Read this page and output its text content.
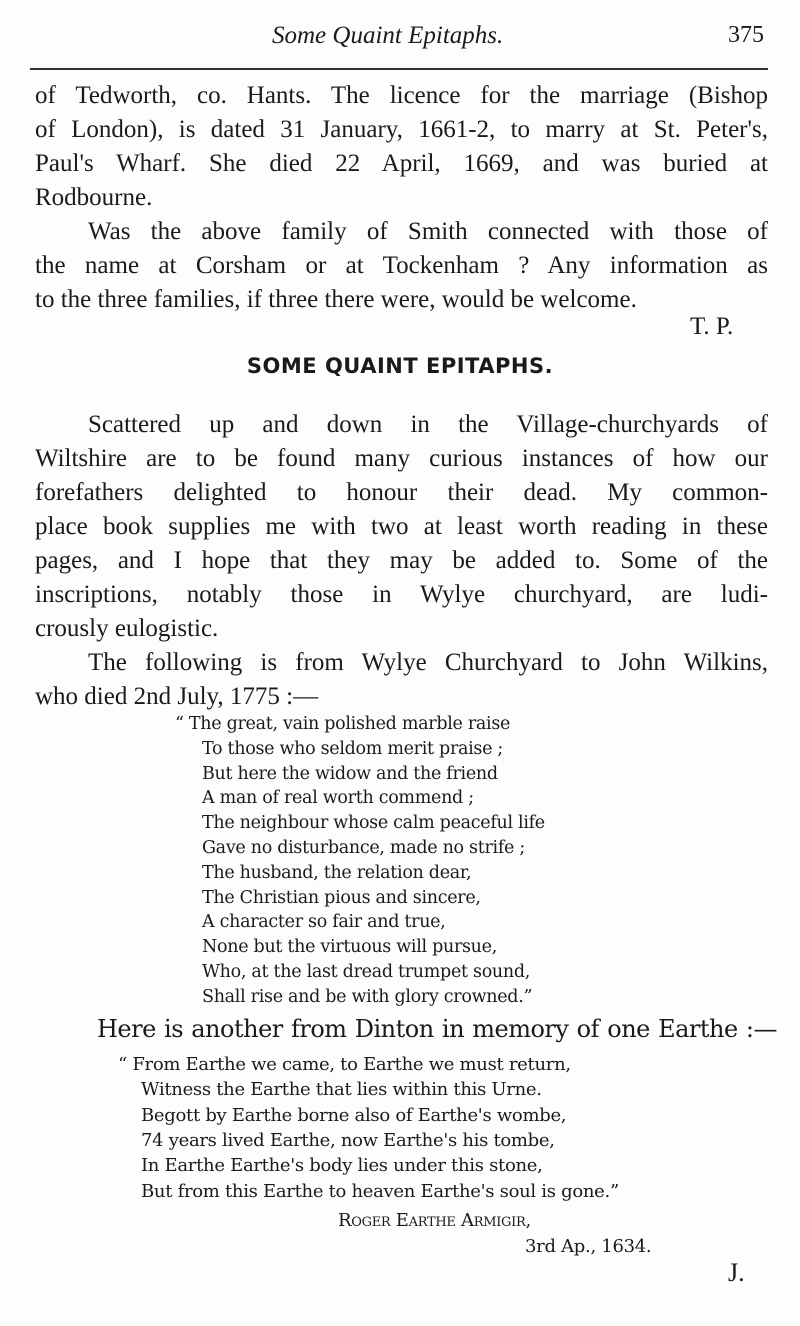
Some Quaint Epitaphs.	375
of Tedworth, co. Hants. The licence for the marriage (Bishop
of London), is dated 31 January, 1661-2, to marry at St. Peter's,
Paul's Wharf. She died 22 April, 1669, and was buried at
Rodbourne.
Was the above family of Smith connected with those of
the name at Corsham or at Tockenham ? Any information as
to the three families, if three there were, would be welcome.
Scattered up and down in the Village-churchyards of
Wiltshire are to be found many curious instances of how our
forefathers delighted to honour their dead. My common-
place book supplies me with two at least worth reading in these
pages, and I hope that they may be added to. Some of the
inscriptions, notably those in Wylye churchyard, are ludi-
crously eulogistic.
The following is from Wylye Churchyard to John Wilkins,
who died 2nd July, 1775 :—
“ The great, vain polished marble raise
To those who seldom merit praise ;
But here the widow and the friend
A man of real worth commend ;
The neighbour whose calm peaceful life
Gave no disturbance, made no strife ;
The husband, the relation dear,
The Christian pious and sincere,
A character so fair and true,
None but the virtuous will pursue,
Who, at the last dread trumpet sound,
Shall rise and be with glory crowned.”
“ From Earthe we came, to Earthe we must return,
Witness the Earthe that lies within this Urne.
Begott by Earthe borne also of Earthe's wombe,
74 years lived Earthe, now Earthe's his tombe,
In Earthe Earthe's body lies under this stone,
But from this Earthe to heaven Earthe's soul is gone.”
T. P.
SOME QUAINT EPITAPHS.
Here is another from Dinton in memory of one Earthe :—
Roger Earthe Armigir,
3rd Ap., 1634.
J.
